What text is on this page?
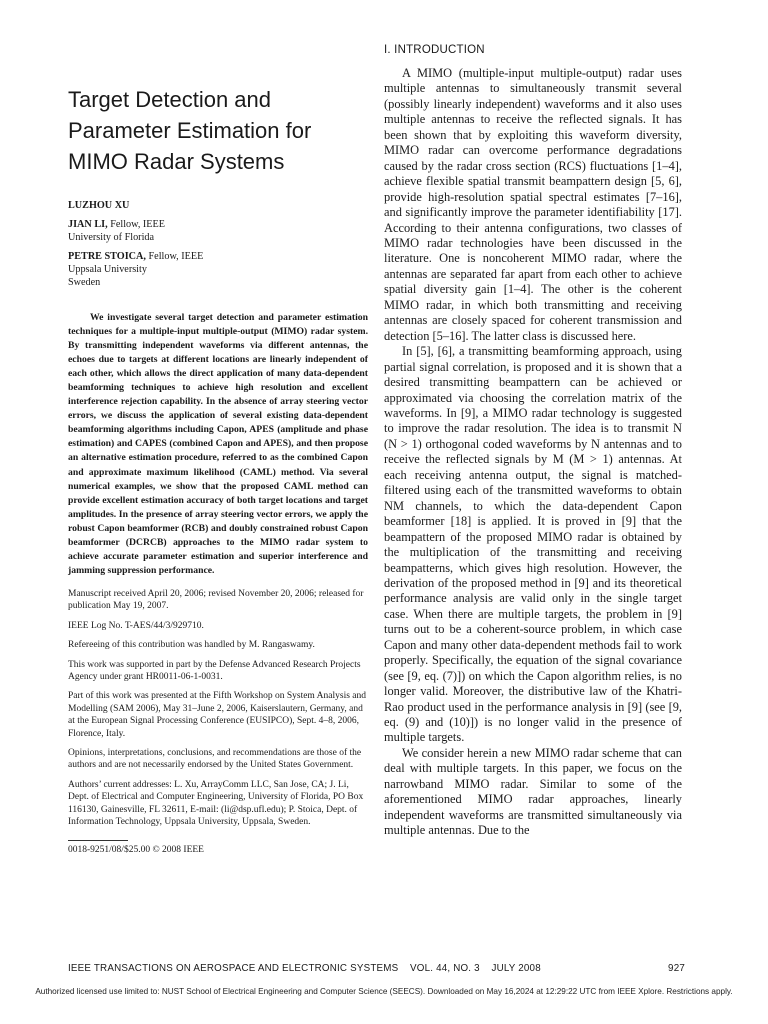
Target Detection and
Parameter Estimation for
MIMO Radar Systems
LUZHOU XU
JIAN LI, Fellow, IEEE
University of Florida
PETRE STOICA, Fellow, IEEE
Uppsala University
Sweden

We investigate several target detection and parameter estimation techniques for a multiple-input multiple-output (MIMO) radar system. By transmitting independent waveforms via different antennas, the echoes due to targets at different locations are linearly independent of each other, which allows the direct application of many data-dependent beamforming techniques to achieve high resolution and excellent interference rejection capability. In the absence of array steering vector errors, we discuss the application of several existing data-dependent beamforming algorithms including Capon, APES (amplitude and phase estimation) and CAPES (combined Capon and APES), and then propose an alternative estimation procedure, referred to as the combined Capon and approximate maximum likelihood (CAML) method. Via several numerical examples, we show that the proposed CAML method can provide excellent estimation accuracy of both target locations and target amplitudes. In the presence of array steering vector errors, we apply the robust Capon beamformer (RCB) and doubly constrained robust Capon beamformer (DCRCB) approaches to the MIMO radar system to achieve accurate parameter estimation and superior interference and jamming suppression performance.

Manuscript received April 20, 2006; revised November 20, 2006; released for publication May 19, 2007.

IEEE Log No. T-AES/44/3/929710.

Refereeing of this contribution was handled by M. Rangaswamy.

This work was supported in part by the Defense Advanced Research Projects Agency under grant HR0011-06-1-0031.

Part of this work was presented at the Fifth Workshop on System Analysis and Modelling (SAM 2006), May 31–June 2, 2006, Kaiserslautern, Germany, and at the European Signal Processing Conference (EUSIPCO), Sept. 4–8, 2006, Florence, Italy.

Opinions, interpretations, conclusions, and recommendations are those of the authors and are not necessarily endorsed by the United States Government.

Authors’ current addresses: L. Xu, ArrayComm LLC, San Jose, CA; J. Li, Dept. of Electrical and Computer Engineering, University of Florida, PO Box 116130, Gainesville, FL 32611, E-mail: (li@dsp.ufl.edu); P. Stoica, Dept. of Information Technology, Uppsala University, Uppsala, Sweden.

0018-9251/08/$25.00 © 2008 IEEE
I. INTRODUCTION

A MIMO (multiple-input multiple-output) radar uses multiple antennas to simultaneously transmit several (possibly linearly independent) waveforms and it also uses multiple antennas to receive the reflected signals. It has been shown that by exploiting this waveform diversity, MIMO radar can overcome performance degradations caused by the radar cross section (RCS) fluctuations [1–4], achieve flexible spatial transmit beampattern design [5, 6], provide high-resolution spatial spectral estimates [7–16], and significantly improve the parameter identifiability [17]. According to their antenna configurations, two classes of MIMO radar technologies have been discussed in the literature. One is noncoherent MIMO radar, where the antennas are separated far apart from each other to achieve spatial diversity gain [1–4]. The other is the coherent MIMO radar, in which both transmitting and receiving antennas are closely spaced for coherent transmission and detection [5–16]. The latter class is discussed here.

In [5], [6], a transmitting beamforming approach, using partial signal correlation, is proposed and it is shown that a desired transmitting beampattern can be achieved or approximated via choosing the correlation matrix of the waveforms. In [9], a MIMO radar technology is suggested to improve the radar resolution. The idea is to transmit N (N > 1) orthogonal coded waveforms by N antennas and to receive the reflected signals by M (M > 1) antennas. At each receiving antenna output, the signal is matched-filtered using each of the transmitted waveforms to obtain NM channels, to which the data-dependent Capon beamformer [18] is applied. It is proved in [9] that the beampattern of the proposed MIMO radar is obtained by the multiplication of the transmitting and receiving beampatterns, which gives high resolution. However, the derivation of the proposed method in [9] and its theoretical performance analysis are valid only in the single target case. When there are multiple targets, the problem in [9] turns out to be a coherent-source problem, in which case Capon and many other data-dependent methods fail to work properly. Specifically, the equation of the signal covariance (see [9, eq. (7)]) on which the Capon algorithm relies, is no longer valid. Moreover, the distributive law of the Khatri-Rao product used in the performance analysis in [9] (see [9, eq. (9) and (10)]) is no longer valid in the presence of multiple targets.

We consider herein a new MIMO radar scheme that can deal with multiple targets. In this paper, we focus on the narrowband MIMO radar. Similar to some of the aforementioned MIMO radar approaches, linearly independent waveforms are transmitted simultaneously via multiple antennas. Due to the

IEEE TRANSACTIONS ON AEROSPACE AND ELECTRONIC SYSTEMS    VOL. 44, NO. 3    JULY 2008	927
Authorized licensed use limited to: NUST School of Electrical Engineering and Computer Science (SEECS). Downloaded on May 16,2024 at 12:29:22 UTC from IEEE Xplore. Restrictions apply.
